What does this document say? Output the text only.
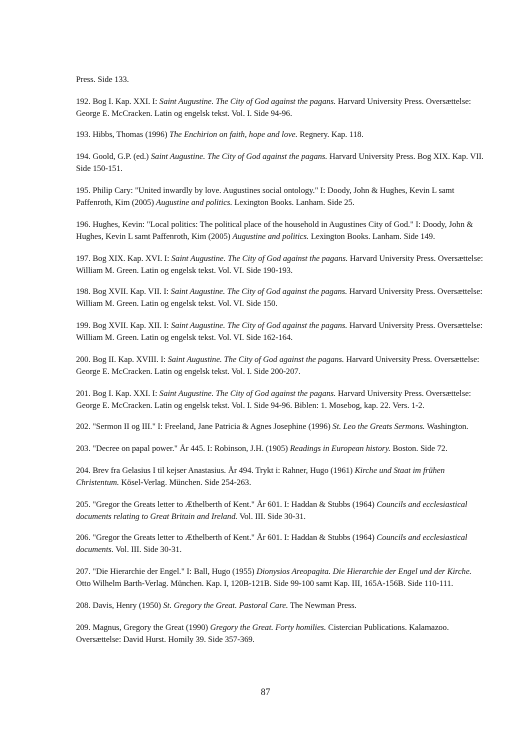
Press. Side 133.

192. Bog I. Kap. XXI. I: Saint Augustine. The City of God against the pagans. Harvard University Press. Oversættelse: George E. McCracken. Latin og engelsk tekst. Vol. I. Side 94-96.

193. Hibbs, Thomas (1996) The Enchirion on faith, hope and love. Regnery. Kap. 118.

194. Goold, G.P. (ed.) Saint Augustine. The City of God against the pagans. Harvard University Press. Bog XIX. Kap. VII. Side 150-151.

195. Philip Cary: "United inwardly by love. Augustines social ontology." I: Doody, John & Hughes, Kevin L samt Paffenroth, Kim (2005) Augustine and politics. Lexington Books. Lanham. Side 25.

196. Hughes, Kevin: "Local politics: The political place of the household in Augustines City of God." I: Doody, John & Hughes, Kevin L samt Paffenroth, Kim (2005) Augustine and politics. Lexington Books. Lanham. Side 149.

197. Bog XIX. Kap. XVI. I: Saint Augustine. The City of God against the pagans. Harvard University Press. Oversættelse: William M. Green. Latin og engelsk tekst. Vol. VI. Side 190-193.

198. Bog XVII. Kap. VII. I: Saint Augustine. The City of God against the pagans. Harvard University Press. Oversættelse: William M. Green. Latin og engelsk tekst. Vol. VI. Side 150.

199. Bog XVII. Kap. XII. I: Saint Augustine. The City of God against the pagans. Harvard University Press. Oversættelse: William M. Green. Latin og engelsk tekst. Vol. VI. Side 162-164.

200. Bog II. Kap. XVIII. I: Saint Augustine. The City of God against the pagans. Harvard University Press. Oversættelse: George E. McCracken. Latin og engelsk tekst. Vol. I. Side 200-207.

201. Bog I. Kap. XXI. I: Saint Augustine. The City of God against the pagans. Harvard University Press. Oversættelse: George E. McCracken. Latin og engelsk tekst. Vol. I. Side 94-96. Biblen: 1. Mosebog, kap. 22. Vers. 1-2.

202. "Sermon II og III." I: Freeland, Jane Patricia & Agnes Josephine (1996) St. Leo the Greats Sermons. Washington.

203. "Decree on papal power." År 445. I: Robinson, J.H. (1905) Readings in European history. Boston. Side 72.

204. Brev fra Gelasius I til kejser Anastasius. År 494. Trykt i: Rahner, Hugo (1961) Kirche und Staat im frühen Christentum. Kösel-Verlag. München. Side 254-263.

205. "Gregor the Greats letter to Æthelberth of Kent." År 601. I: Haddan & Stubbs (1964) Councils and ecclesiastical documents relating to Great Britain and Ireland. Vol. III. Side 30-31.

206. "Gregor the Greats letter to Æthelberth of Kent." År 601. I: Haddan & Stubbs (1964) Councils and ecclesiastical documents. Vol. III. Side 30-31.

207. "Die Hierarchie der Engel." I: Ball, Hugo (1955) Dionysios Areopagita. Die Hierarchie der Engel und der Kirche. Otto Wilhelm Barth-Verlag. München. Kap. I, 120B-121B. Side 99-100 samt Kap. III, 165A-156B. Side 110-111.

208. Davis, Henry (1950) St. Gregory the Great. Pastoral Care. The Newman Press.

209. Magnus, Gregory the Great (1990) Gregory the Great. Forty homilies. Cistercian Publications. Kalamazoo. Oversættelse: David Hurst. Homily 39. Side 357-369.

87
